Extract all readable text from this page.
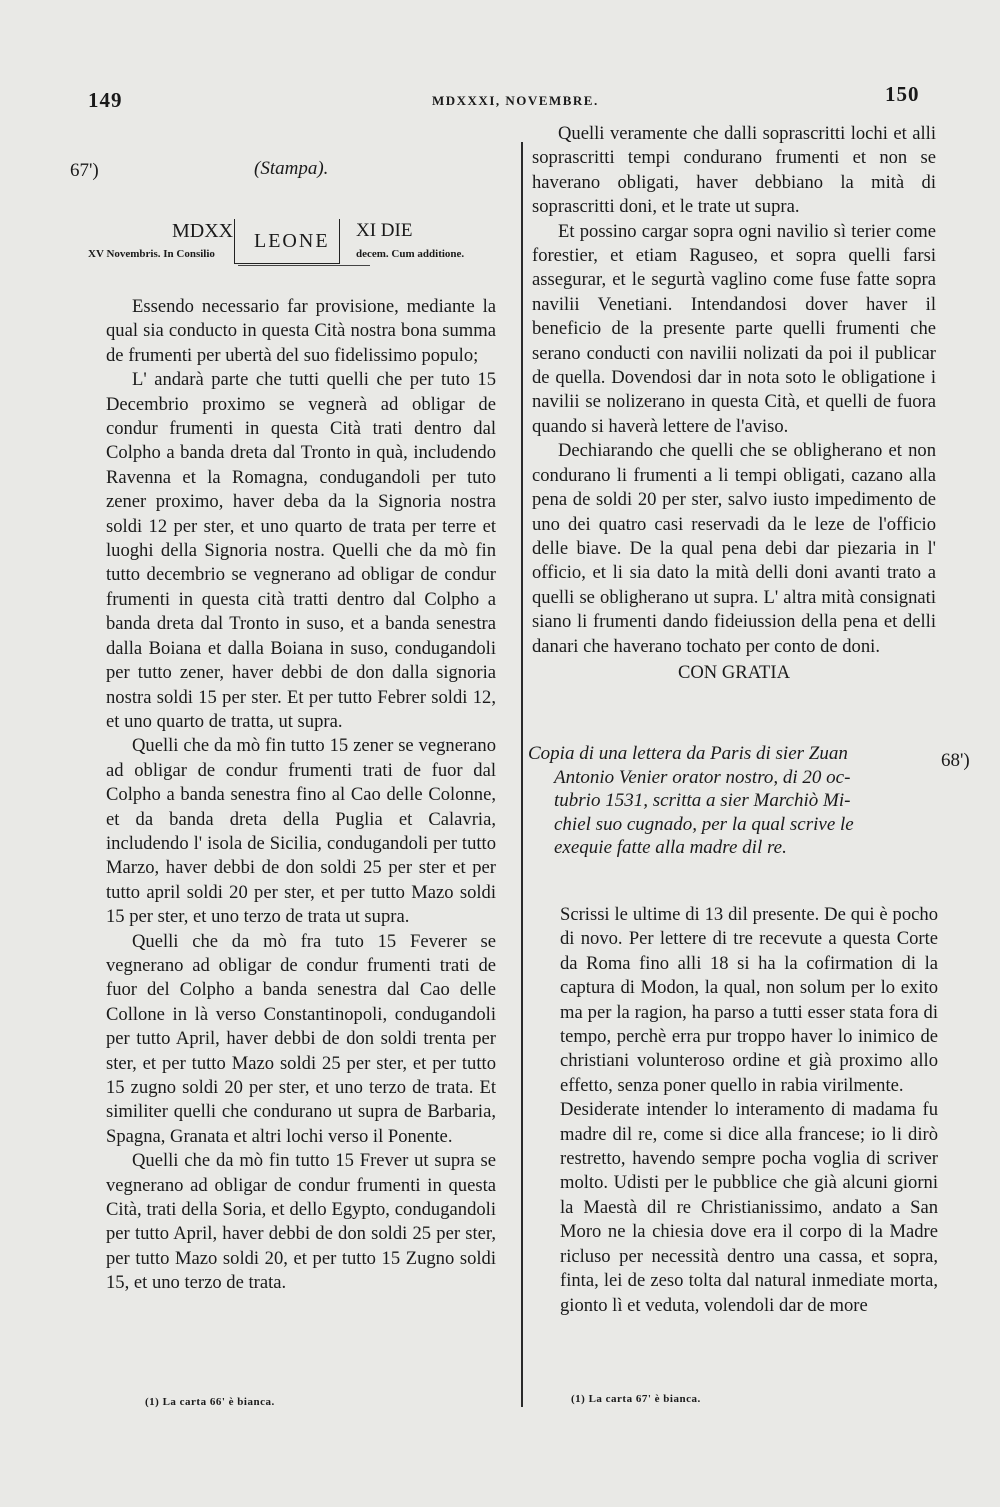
149	MDXXXI, NOVEMBRE.	150
67')
68')
(Stampa).
MDXX
XV Novembris. In Consilio
LEONE XI DIE
decem. Cum additione.

Essendo necessario far provisione, mediante la qual sia conducto in questa Cità nostra bona summa de frumenti per ubertà del suo fidelissimo populo;

L' andarà parte che tutti quelli che per tuto 15 Decembrio proximo se vegnerà ad obligar de condur frumenti in questa Cità trati dentro dal Colpho a banda dreta dal Tronto in quà, includendo Ravenna et la Romagna, condugandoli per tuto zener proximo, haver deba da la Signoria nostra soldi 12 per ster, et uno quarto de trata per terre et luoghi della Signoria nostra. Quelli che da mò fin tutto decembrio se vegnerano ad obligar de condur frumenti in questa cità tratti dentro dal Colpho a banda dreta dal Tronto in suso, et a banda senestra dalla Boiana et dalla Boiana in suso, condugandoli per tutto zener, haver debbi de don dalla signoria nostra soldi 15 per ster. Et per tutto Febrer soldi 12, et uno quarto de tratta, ut supra.

Quelli che da mò fin tutto 15 zener se vegnerano ad obligar de condur frumenti trati de fuor dal Colpho a banda senestra fino al Cao delle Colonne, et da banda dreta della Puglia et Calavria, includendo l' isola de Sicilia, condugandoli per tutto Marzo, haver debbi de don soldi 25 per ster et per tutto april soldi 20 per ster, et per tutto Mazo soldi 15 per ster, et uno terzo de trata ut supra.

Quelli che da mò fra tuto 15 Feverer se vegnerano ad obligar de condur frumenti trati de fuor del Colpho a banda senestra dal Cao delle Collone in là verso Constantinopoli, condugandoli per tutto April, haver debbi de don soldi trenta per ster, et per tutto Mazo soldi 25 per ster, et per tutto 15 zugno soldi 20 per ster, et uno terzo de trata. Et similiter quelli che condurano ut supra de Barbaria, Spagna, Granata et altri lochi verso il Ponente.

Quelli che da mò fin tutto 15 Frever ut supra se vegnerano ad obligar de condur frumenti in questa Cità, trati della Soria, et dello Egypto, condugandoli per tutto April, haver debbi de don soldi 25 per ster, per tutto Mazo soldi 20, et per tutto 15 Zugno soldi 15, et uno terzo de trata.

(1) La carta 66' è bianca.

Quelli veramente che dalli soprascritti lochi et alli soprascritti tempi condurano frumenti et non se haverano obligati, haver debbiano la mità di soprascritti doni, et le trate ut supra.

Et possino cargar sopra ogni navilio sì terier come forestier, et etiam Raguseo, et sopra quelli farsi assegurar, et le segurtà vaglino come fuse fatte sopra navilii Venetiani. Intendandosi dover haver il beneficio de la presente parte quelli frumenti che serano conducti con navilii nolizati da poi il publicar de quella. Dovendosi dar in nota soto le obligatione i navilii se nolizerano in questa Cità, et quelli de fuora quando si haverà lettere de l'aviso.

Dechiarando che quelli che se obligherano et non condurano li frumenti a li tempi obligati, cazano alla pena de soldi 20 per ster, salvo iusto impedimento de uno dei quatro casi reservadi da le leze de l'officio delle biave. De la qual pena debi dar piezaria in l' officio, et li sia dato la mità delli doni avanti trato a quelli se obligherano ut supra. L' altra mità consignati siano li frumenti dando fideiussion della pena et delli danari che haverano tochato per conto de doni.

CON GRATIA

Copia di una lettera da Paris di sier Zuan
Antonio Venier orator nostro, di 20 oc-
tubrio 1531, scritta a sier Marchiò Mi-
chiel suo cugnado, per la qual scrive le
exequie fatte alla madre dil re.

Scrissi le ultime di 13 dil presente. De qui è pocho di novo. Per lettere di tre recevute a questa Corte da Roma fino alli 18 si ha la cofirmation di la captura di Modon, la qual, non solum per lo exito ma per la ragion, ha parso a tutti esser stata fora di tempo, perchè erra pur troppo haver lo inimico de christiani volunteroso ordine et già proximo allo effetto, senza poner quello in rabia virilmente.

Desiderate intender lo interamento di madama fu madre dil re, come si dice alla francese; io li dirò restretto, havendo sempre pocha voglia di scriver molto. Udisti per le pubblice che già alcuni giorni la Maestà dil re Christianissimo, andato a San Moro ne la chiesia dove era il corpo di la Madre ricluso per necessità dentro una cassa, et sopra, finta, lei de zeso tolta dal natural inmediate morta, gionto lì et veduta, volendoli dar de more

(1) La carta 67' è bianca.
